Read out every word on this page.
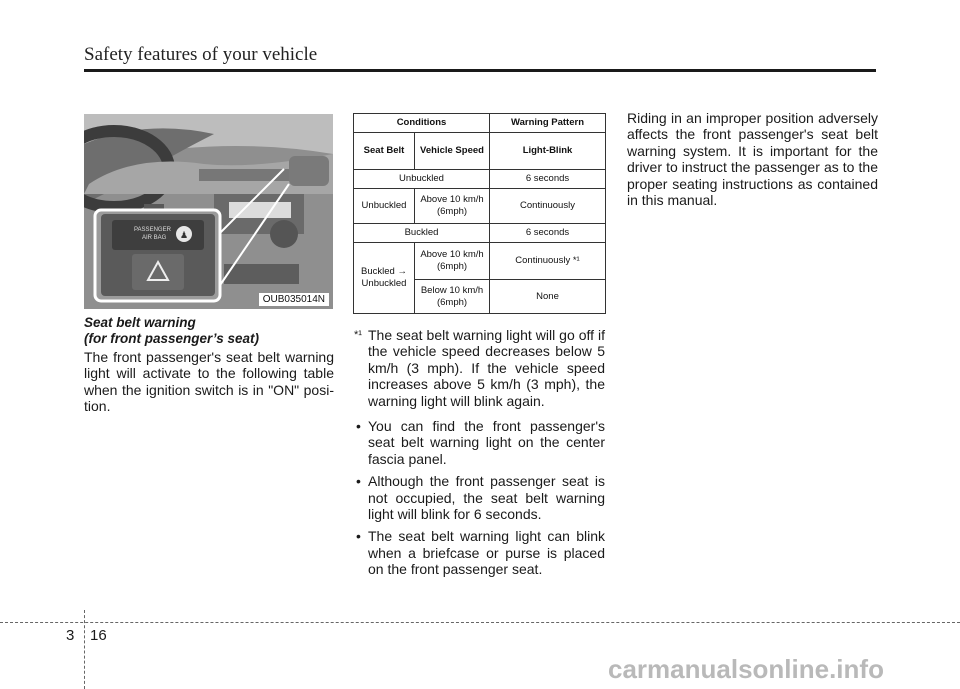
Safety features of your vehicle
PASSENGER
AIR BAG ♟
OUB035014N
Seat belt warning
(for front passenger’s seat)
The front passenger's seat belt warning light will activate to the following table when the ignition switch is in "ON" posi-tion.
Conditions		Warning Pattern
Seat Belt	Vehicle Speed	Light-Blink
Unbuckled		6 seconds
Unbuckled	Above 10 km/h (6mph)	Continuously
Buckled		6 seconds
Buckled → Unbuckled	Above 10 km/h (6mph)	Continuously *¹
	Below 10 km/h (6mph)	None
*¹ The seat belt warning light will go off if the vehicle speed decreases below 5 km/h (3 mph). If the vehicle speed increases above 5 km/h (3 mph), the warning light will blink again.
• You can find the front passenger's seat belt warning light on the center fascia panel.
• Although the front passenger seat is not occupied, the seat belt warning light will blink for 6 seconds.
• The seat belt warning light can blink when a briefcase or purse is placed on the front passenger seat.
Riding in an improper position adversely affects the front passenger's seat belt warning system. It is important for the driver to instruct the passenger as to the proper seating instructions as contained in this manual.
3 16
carmanualsonline.info
